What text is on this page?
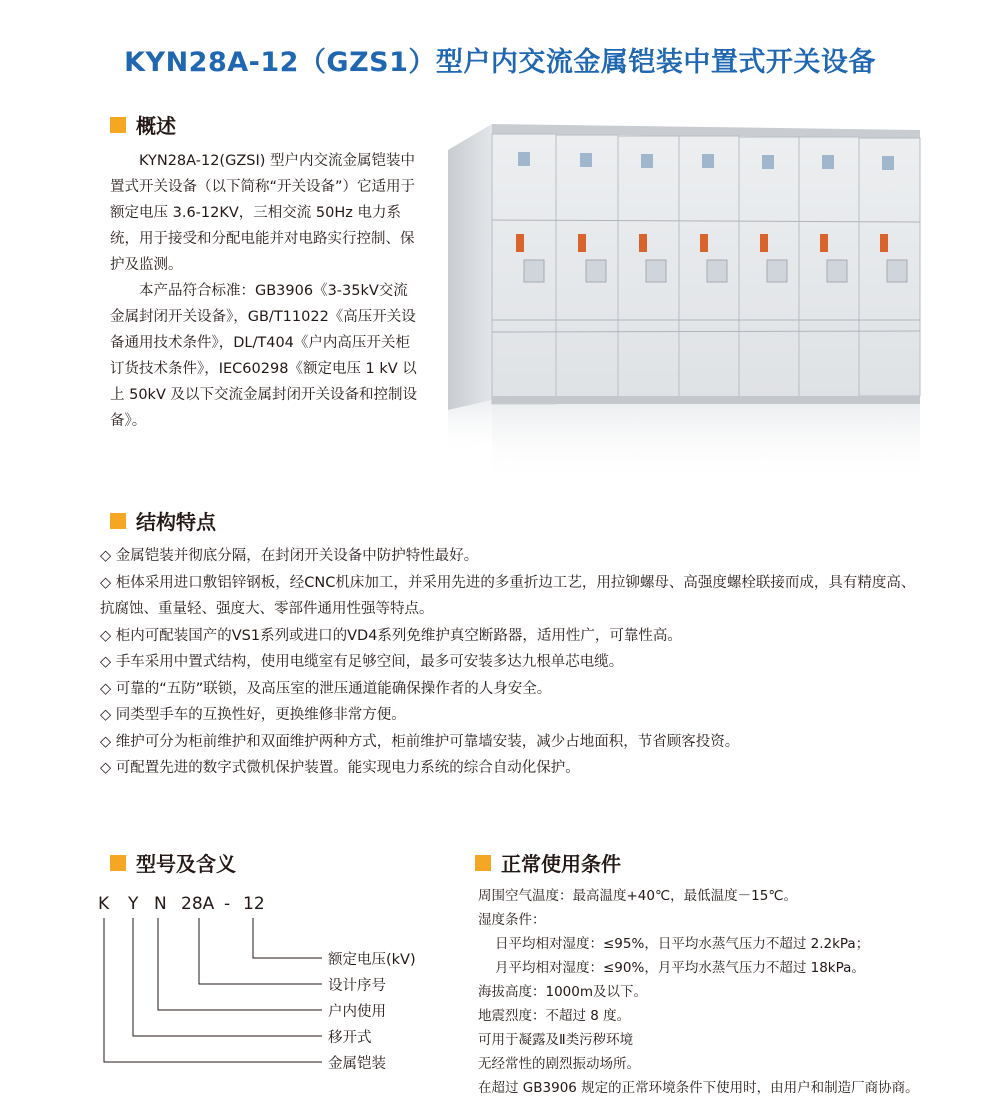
KYN28A-12（GZS1）型户内交流金属铠装中置式开关设备
概述

KYN28A-12(GZSI) 型户内交流金属铠装中置式开关设备（以下简称“开关设备”）它适用于额定电压 3.6-12KV，三相交流 50Hz 电力系统，用于接受和分配电能并对电路实行控制、保护及监测。

本产品符合标准：GB3906《3-35kV交流金属封闭开关设备》，GB/T11022《高压开关设备通用技术条件》，DL/T404《户内高压开关柜订货技术条件》，IEC60298《额定电压 1 kV 以上 50kV 及以下交流金属封闭开关设备和控制设备》。

结构特点
◇ 金属铠装并彻底分隔，在封闭开关设备中防护特性最好。
◇ 柜体采用进口敷铝锌钢板，经CNC机床加工，并采用先进的多重折边工艺，用拉铆螺母、高强度螺栓联接而成，具有精度高、抗腐蚀、重量轻、强度大、零部件通用性强等特点。
◇ 柜内可配装国产的VS1系列或进口的VD4系列免维护真空断路器，适用性广，可靠性高。
◇ 手车采用中置式结构，使用电缆室有足够空间，最多可安装多达九根单芯电缆。
◇ 可靠的“五防”联锁，及高压室的泄压通道能确保操作者的人身安全。
◇ 同类型手车的互换性好，更换维修非常方便。
◇ 维护可分为柜前维护和双面维护两种方式，柜前维护可靠墙安装，减少占地面积，节省顾客投资。
◇ 可配置先进的数字式微机保护装置。能实现电力系统的综合自动化保护。
型号及含义
K Y N 28A - 12
额定电压(kV)
设计序号
户内使用
移开式
金属铠装
正常使用条件
周围空气温度：最高温度+40℃，最低温度－15℃。
湿度条件：
日平均相对湿度：≤95%，日平均水蒸气压力不超过 2.2kPa；
月平均相对湿度：≤90%，月平均水蒸气压力不超过 18kPa。
海拔高度：1000m及以下。
地震烈度：不超过 8 度。
可用于凝露及Ⅱ类污秽环境
无经常性的剧烈振动场所。
在超过 GB3906 规定的正常环境条件下使用时，由用户和制造厂商协商。
